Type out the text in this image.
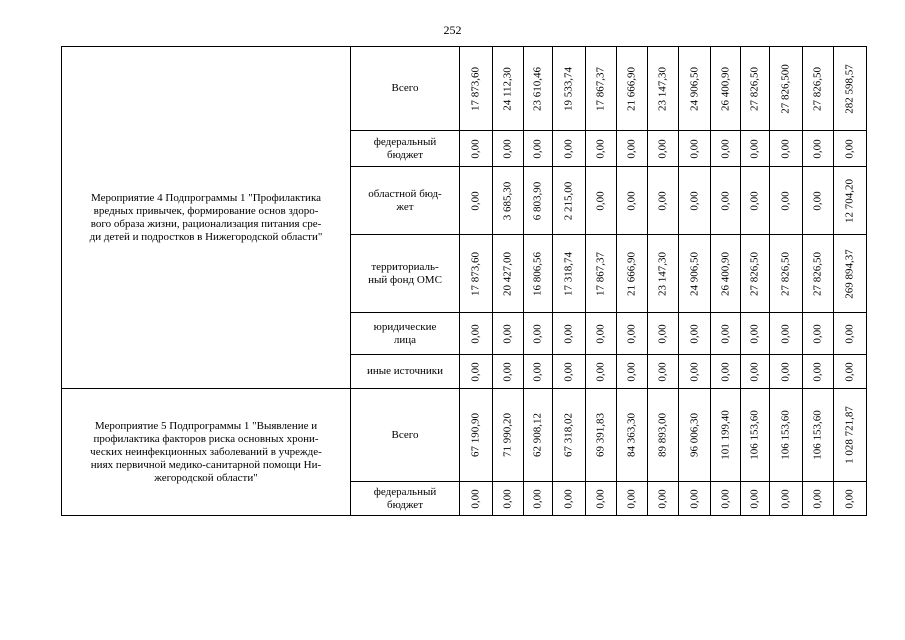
252
Мероприятие 4 Подпрограммы 1 "Профилактика
вредных привычек, формирование основ здоро-
вого образа жизни, рационализация питания сре-
ди детей и подростков в Нижегородской области"	Всего	17 873,60	24 112,30	23 610,46	19 533,74	17 867,37	21 666,90	23 147,30	24 906,50	26 400,90	27 826,50	27 826,500	27 826,50	282 598,57

	федеральный
бюджет	0,00	0,00	0,00	0,00	0,00	0,00	0,00	0,00	0,00	0,00	0,00	0,00	0,00

	областной бюд-
жет	0,00	3 685,30	6 803,90	2 215,00	0,00	0,00	0,00	0,00	0,00	0,00	0,00	0,00	12 704,20

	территориаль-
ный фонд ОМС	17 873,60	20 427,00	16 806,56	17 318,74	17 867,37	21 666,90	23 147,30	24 906,50	26 400,90	27 826,50	27 826,50	27 826,50	269 894,37

	юридические
лица	0,00	0,00	0,00	0,00	0,00	0,00	0,00	0,00	0,00	0,00	0,00	0,00	0,00

	иные источники	0,00	0,00	0,00	0,00	0,00	0,00	0,00	0,00	0,00	0,00	0,00	0,00	0,00

Мероприятие 5 Подпрограммы 1 "Выявление и
профилактика факторов риска основных хрони-
ческих неинфекционных заболеваний в учрежде-
ниях первичной медико-санитарной помощи Ни-
жегородской области"	Всего	67 190,90	71 990,20	62 908,12	67 318,02	69 391,83	84 363,30	89 893,00	96 006,30	101 199,40	106 153,60	106 153,60	106 153,60	1 028 721,87

	федеральный
бюджет	0,00	0,00	0,00	0,00	0,00	0,00	0,00	0,00	0,00	0,00	0,00	0,00	0,00
